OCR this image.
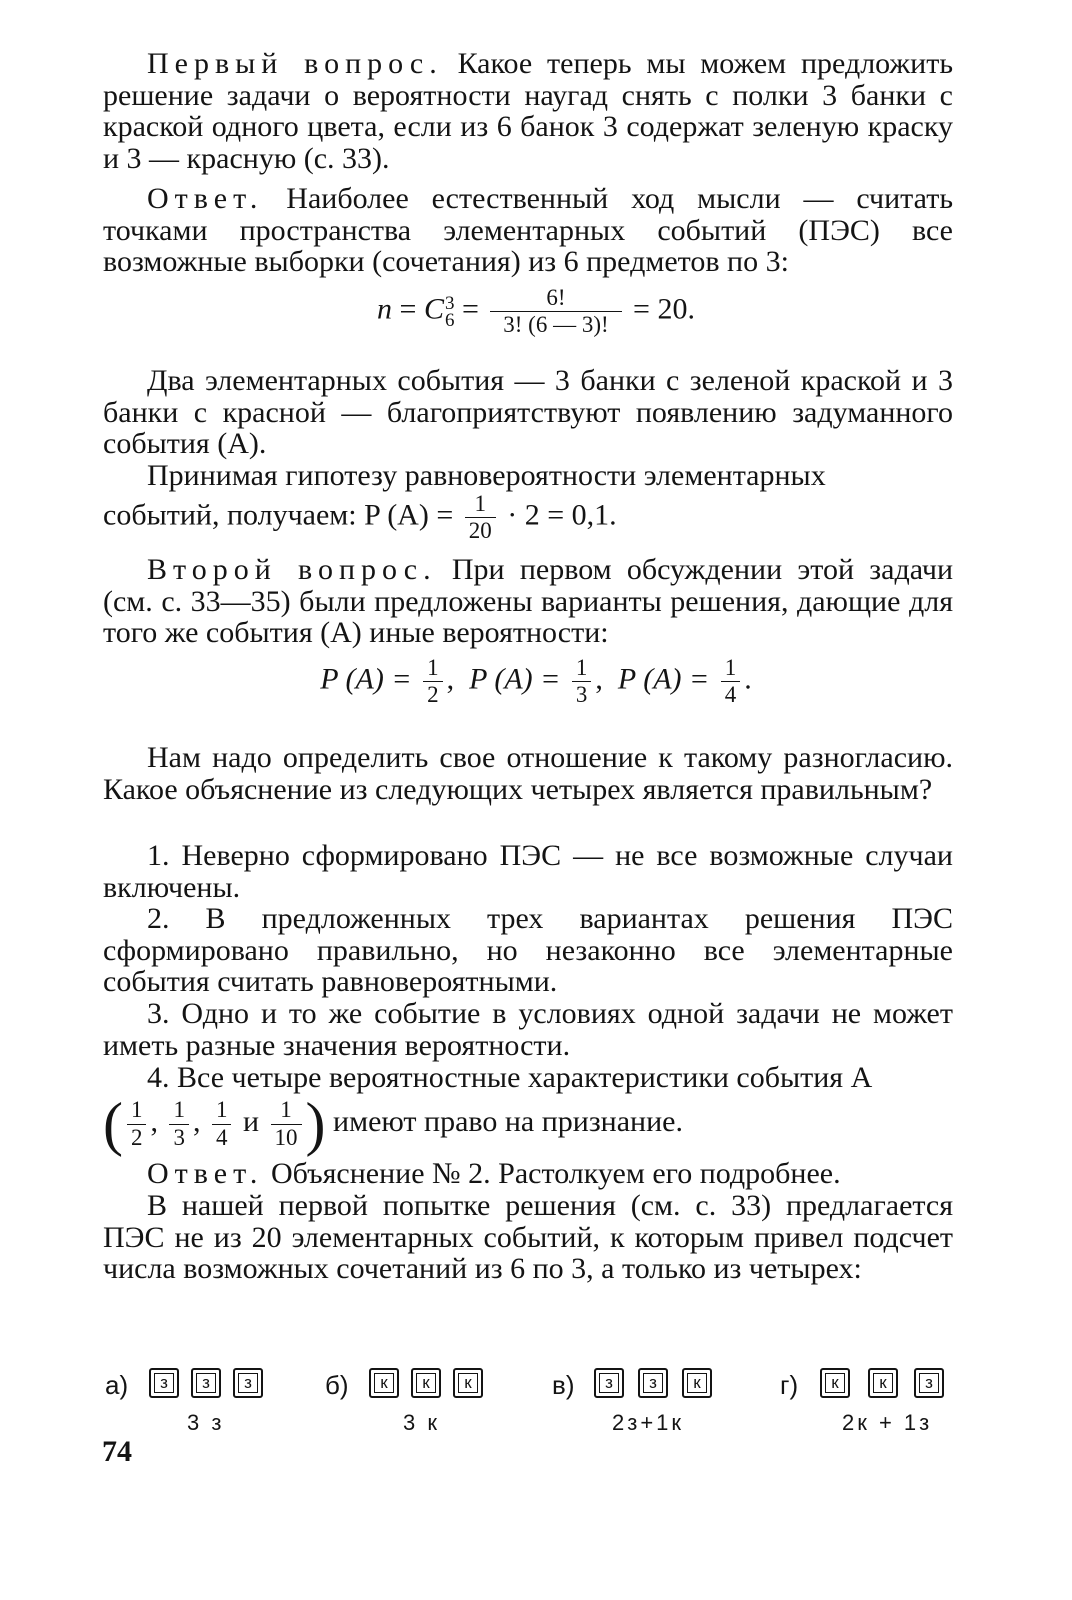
Первый вопрос. Какое теперь мы можем предложить решение задачи о вероятности наугад снять с полки 3 банки с краской одного цвета, если из 6 банок 3 содержат зеленую краску и 3 — красную (с. 33).

Ответ. Наиболее естественный ход мысли — считать точками пространства элементарных событий (ПЭС) все возможные выборки (сочетания) из 6 предметов по 3:

n = C 3
$6 = \frac{6!}{3! (6 — 3)!} = 20$.

Два элементарных события — 3 банки с зеленой краской и 3 банки с красной — благоприятствуют появлению задуманного события (A).

Принимая гипотезу равновероятности элементарных

событий, получаем: P $(A) = \frac{1}{20} \cdot 2 = 0,1$.

Второй вопрос. При первом обсуждении этой задачи (см. с. 33—35) были предложены варианты решения, дающие для того же события (A) иные вероятности:

P $(A) = \frac{1}{2}$ ,  P $(A) = \frac{1}{3}$ ,  P $(A) = \frac{1}{4}$ .

Нам надо определить свое отношение к такому разногласию. Какое объяснение из следующих четырех является правильным?

1. Неверно сформировано ПЭС — не все возможные случаи включены.

2. В предложенных трех вариантах решения ПЭС сформировано правильно, но незаконно все элементарные события считать равновероятными.

3. Одно и то же событие в условиях одной задачи не может иметь разные значения вероятности.

4. Все четыре вероятностные характеристики события A

( $\frac{1}{2}$ , $\frac{1}{3}$ , $\frac{1}{4}$ и $\frac{1}{10}$ ) имеют право на признание.

Ответ. Объяснение № 2. Растолкуем его подробнее.

В нашей первой попытке решения (см. с. 33) предлагается ПЭС не из 20 элементарных событий, к которым привел подсчет числа возможных сочетаний из 6 по 3, а только из четырех:

а)	з	з	з
3 з
б)	к	к	к
3 к
в)	з	з	к
2з+1к
г)	к	к	з
2к + 1з
74
